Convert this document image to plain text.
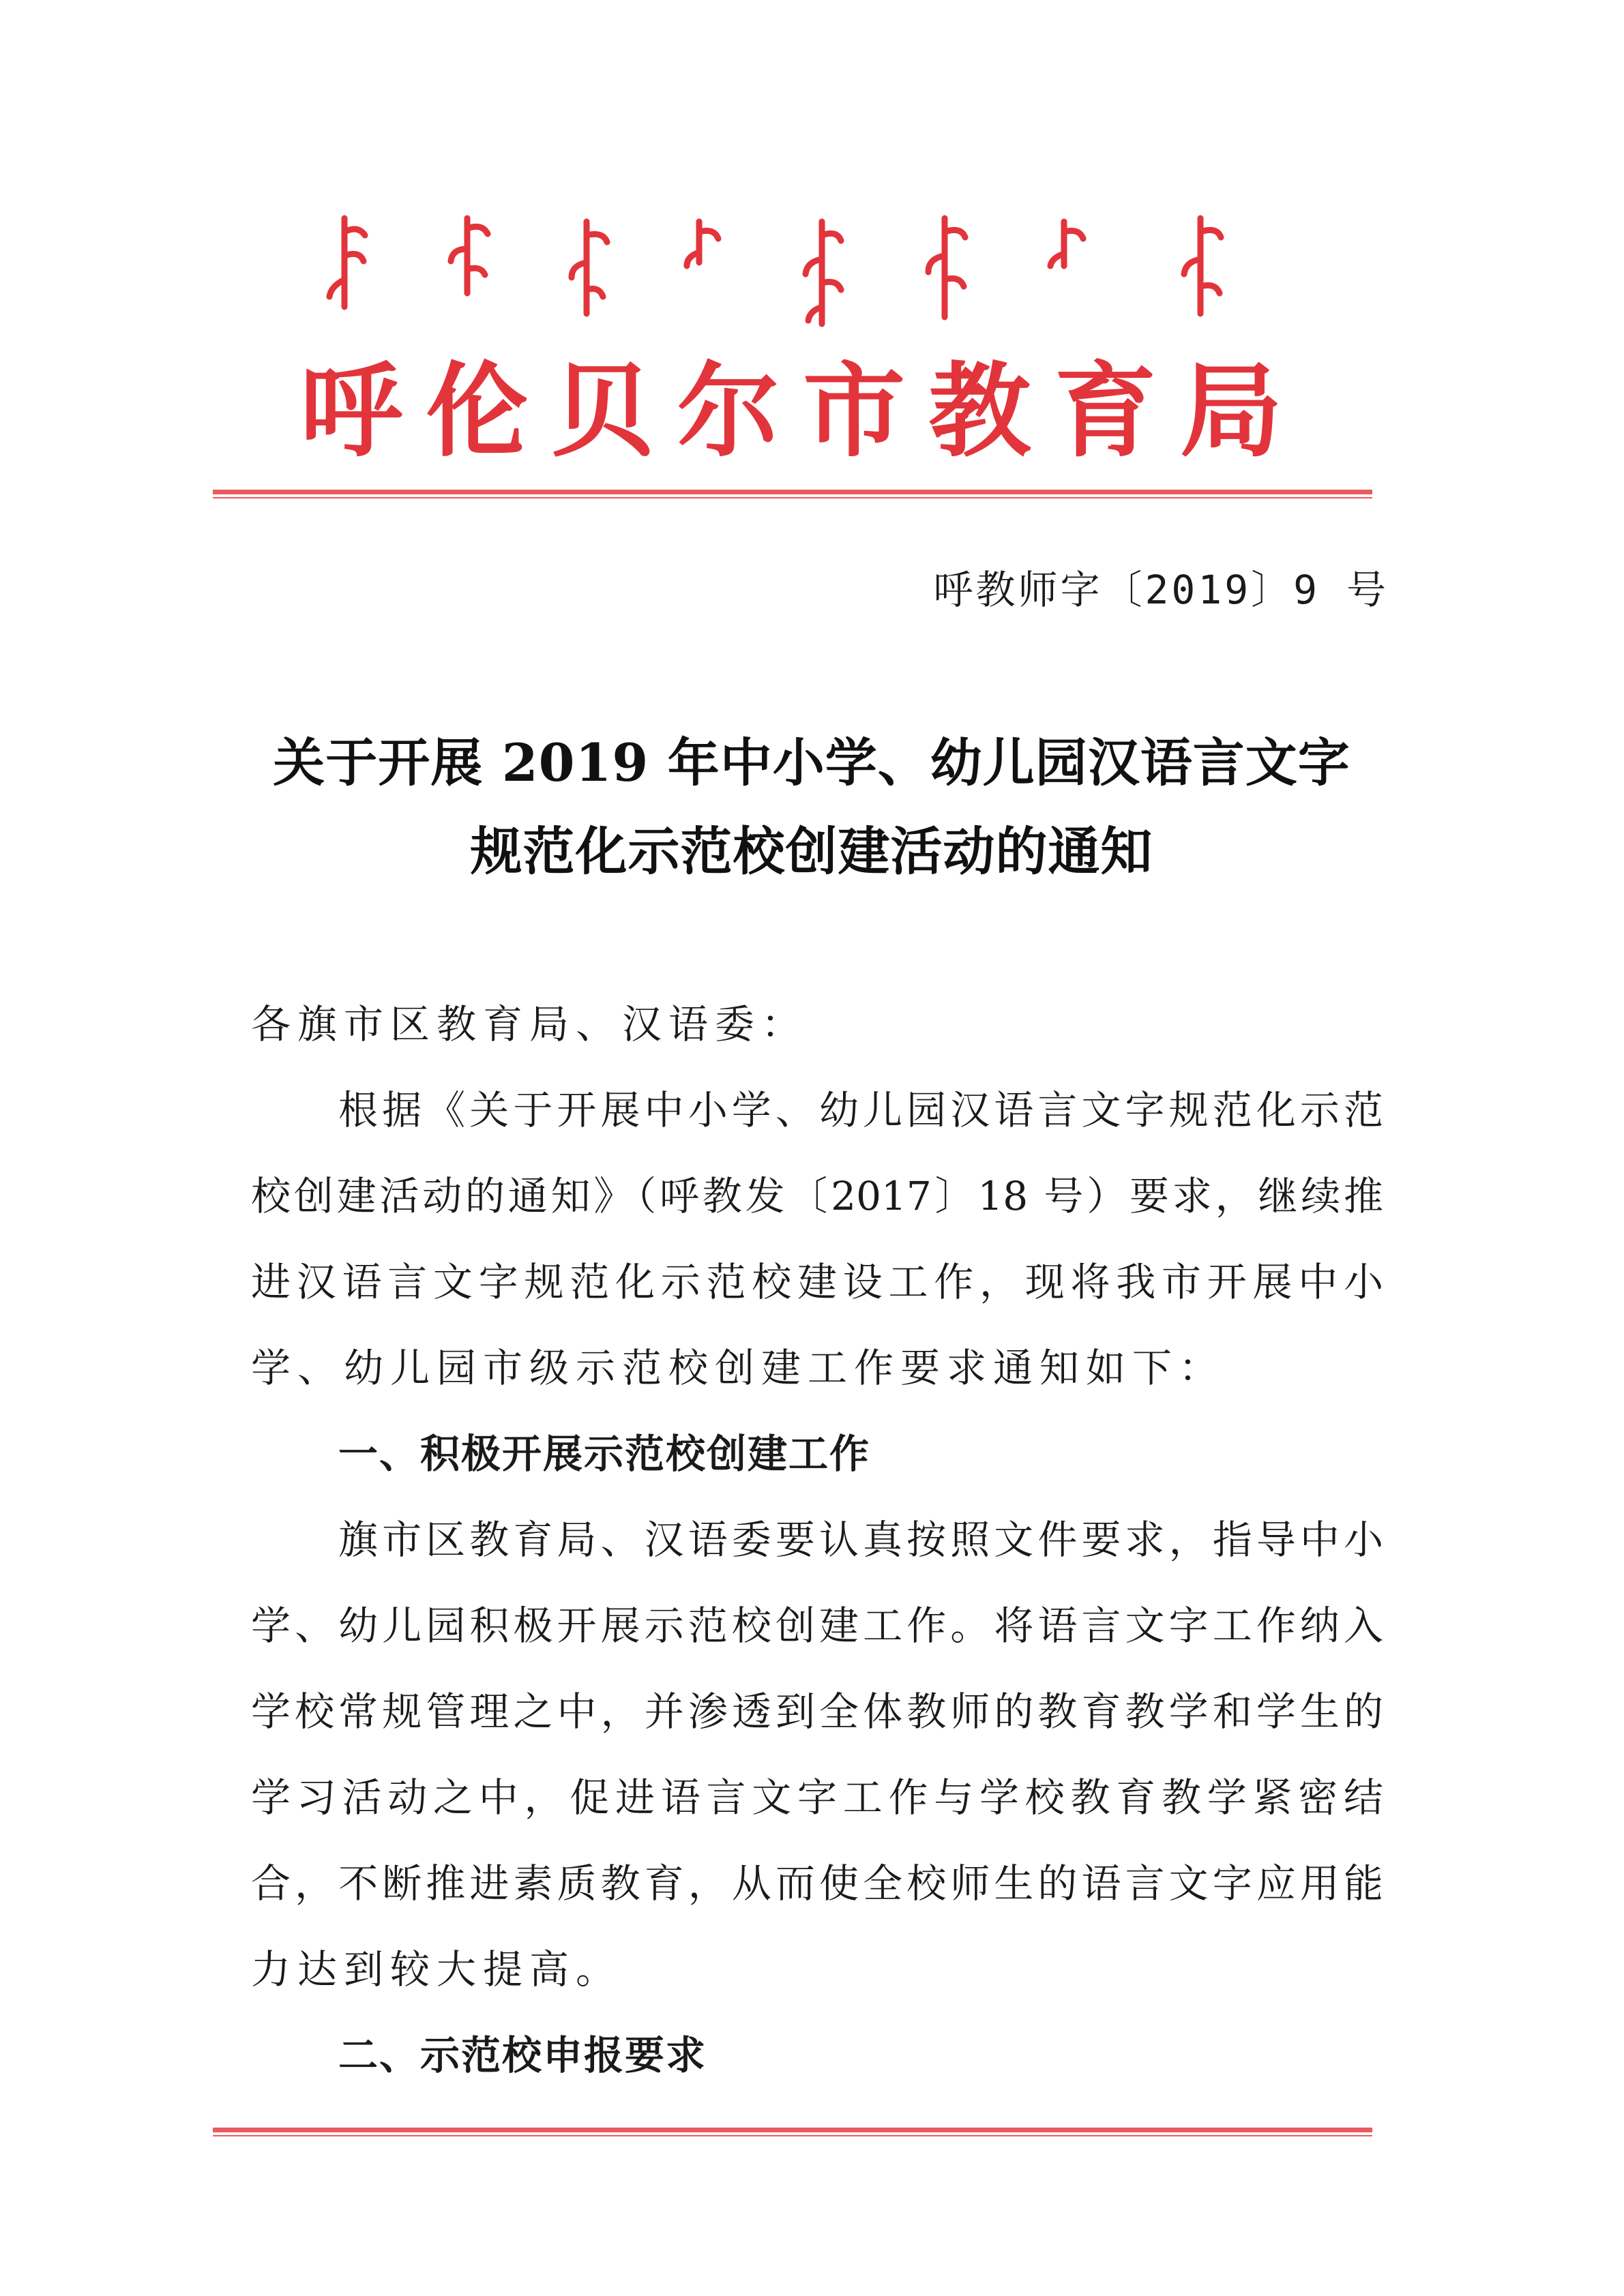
呼 伦 贝 尔 市 教 育 局
呼教师字〔2019〕9 号
关于开展 2019 年中小学、幼儿园汉语言文字
规范化示范校创建活动的通知
各旗市区教育局、汉语委：
根据《关于开展中小学、幼儿园汉语言文字规范化示范
校创建活动的通知》（呼教发〔2017〕18 号）要求，继续推
进汉语言文字规范化示范校建设工作，现将我市开展中小
学、幼儿园市级示范校创建工作要求通知如下：
一、积极开展示范校创建工作
旗市区教育局、汉语委要认真按照文件要求，指导中小
学、幼儿园积极开展示范校创建工作。将语言文字工作纳入
学校常规管理之中，并渗透到全体教师的教育教学和学生的
学习活动之中，促进语言文字工作与学校教育教学紧密结
合，不断推进素质教育，从而使全校师生的语言文字应用能
力达到较大提高。
二、示范校申报要求
